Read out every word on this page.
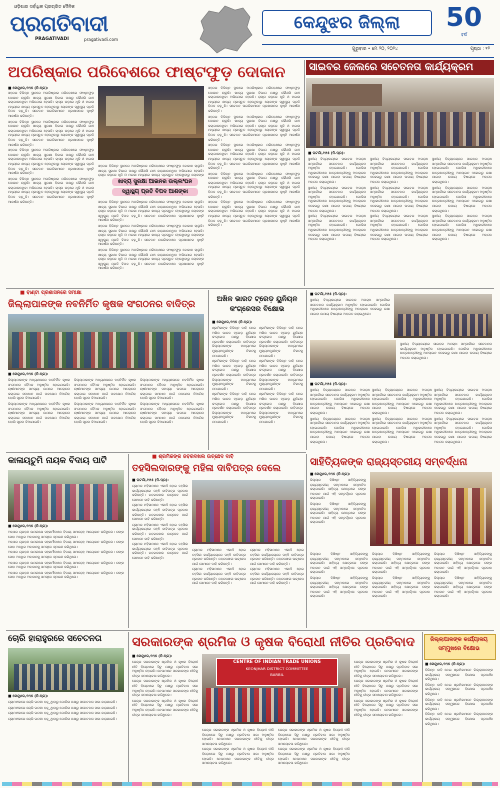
ଓଡ଼ିଶାର ସର୍ବାଧିକ ପ୍ରଚାରିତ ଦୈନିକ
ପ୍ରଗତିବାଦୀ
PRAGATIVADI	pragativadi.com
କେନ୍ଦୁଝର ଜିଲ୍ଲା	50
ବର୍ଷ
ଗୁରୁବାର • ମେ ୨୦, ୨୦୨୪	ପୃଷ୍ଠା : ୧୨
ଅପରିଷ୍କାର ପରିବେଶରେ ଫାଷ୍ଟଫୁଡ଼ ଦୋକାନ
■ କେନ୍ଦୁଝର,୧୯ା୫ (ନି.ପ୍ର):

ସହରର ବିଭିନ୍ନ ସ୍ଥାନରେ ଅପରିଷ୍କାର ପରିବେଶରେ ଫାଷ୍ଟଫୁଡ଼ ଦୋକାନ ଚାଲୁଛି। ଖାଦ୍ୟ ସୁରକ୍ଷା ବିଭାଗ ପକ୍ଷରୁ କୌଣସି ଯାଞ୍ଚ କରାଯାଉନଥିବା ଅଭିଯୋଗ ହେଉଛି। ରାସ୍ତା କଡ଼ରେ ଧୂଳି ଓ ମଇଳା ମଧ୍ୟରେ ଖାଦ୍ୟ ପ୍ରସ୍ତୁତ ହେଉଥିବାରୁ ଲୋକଙ୍କ ସ୍ୱାସ୍ଥ୍ୟ ପ୍ରତି ବିପଦ ବଢ଼ୁଛି। ସଚେତନ ନାଗରିକମାନେ ପ୍ରଶାସନର ଦୃଷ୍ଟି ଆକର୍ଷଣ କରିଛନ୍ତି।

ସହରର ବିଭିନ୍ନ ସ୍ଥାନରେ ଅପରିଷ୍କାର ପରିବେଶରେ ଫାଷ୍ଟଫୁଡ଼ ଦୋକାନ ଚାଲୁଛି। ଖାଦ୍ୟ ସୁରକ୍ଷା ବିଭାଗ ପକ୍ଷରୁ କୌଣସି ଯାଞ୍ଚ କରାଯାଉନଥିବା ଅଭିଯୋଗ ହେଉଛି। ରାସ୍ତା କଡ଼ରେ ଧୂଳି ଓ ମଇଳା ମଧ୍ୟରେ ଖାଦ୍ୟ ପ୍ରସ୍ତୁତ ହେଉଥିବାରୁ ଲୋକଙ୍କ ସ୍ୱାସ୍ଥ୍ୟ ପ୍ରତି ବିପଦ ବଢ଼ୁଛି। ସଚେତନ ନାଗରିକମାନେ ପ୍ରଶାସନର ଦୃଷ୍ଟି ଆକର୍ଷଣ କରିଛନ୍ତି।

ସହରର ବିଭିନ୍ନ ସ୍ଥାନରେ ଅପରିଷ୍କାର ପରିବେଶରେ ଫାଷ୍ଟଫୁଡ଼ ଦୋକାନ ଚାଲୁଛି। ଖାଦ୍ୟ ସୁରକ୍ଷା ବିଭାଗ ପକ୍ଷରୁ କୌଣସି ଯାଞ୍ଚ କରାଯାଉନଥିବା ଅଭିଯୋଗ ହେଉଛି। ରାସ୍ତା କଡ଼ରେ ଧୂଳି ଓ ମଇଳା ମଧ୍ୟରେ ଖାଦ୍ୟ ପ୍ରସ୍ତୁତ ହେଉଥିବାରୁ ଲୋକଙ୍କ ସ୍ୱାସ୍ଥ୍ୟ ପ୍ରତି ବିପଦ ବଢ଼ୁଛି। ସଚେତନ ନାଗରିକମାନେ ପ୍ରଶାସନର ଦୃଷ୍ଟି ଆକର୍ଷଣ କରିଛନ୍ତି।

ସହରର ବିଭିନ୍ନ ସ୍ଥାନରେ ଅପରିଷ୍କାର ପରିବେଶରେ ଫାଷ୍ଟଫୁଡ଼ ଦୋକାନ ଚାଲୁଛି। ଖାଦ୍ୟ ସୁରକ୍ଷା ବିଭାଗ ପକ୍ଷରୁ କୌଣସି ଯାଞ୍ଚ କରାଯାଉନଥିବା ଅଭିଯୋଗ ହେଉଛି। ରାସ୍ତା କଡ଼ରେ ଧୂଳି ଓ ମଇଳା ମଧ୍ୟରେ ଖାଦ୍ୟ ପ୍ରସ୍ତୁତ ହେଉଥିବାରୁ ଲୋକଙ୍କ ସ୍ୱାସ୍ଥ୍ୟ ପ୍ରତି ବିପଦ ବଢ଼ୁଛି। ସଚେତନ ନାଗରିକମାନେ ପ୍ରଶାସନର ଦୃଷ୍ଟି ଆକର୍ଷଣ କରିଛନ୍ତି।

ସହରର ବିଭିନ୍ନ ସ୍ଥାନରେ ଅପରିଷ୍କାର ପରିବେଶରେ ଫାଷ୍ଟଫୁଡ଼ ଦୋକାନ ଚାଲୁଛି। ଖାଦ୍ୟ ସୁରକ୍ଷା ବିଭାଗ ପକ୍ଷରୁ କୌଣସି ଯାଞ୍ଚ କରାଯାଉନଥିବା ଅଭିଯୋଗ ହେଉଛି। ରାସ୍ତା କଡ଼ରେ ଧୂଳି ଓ ମଇଳା ମଧ୍ୟରେ ଖାଦ୍ୟ ପ୍ରସ୍ତୁତ ହେଉଥିବାରୁ ଲୋକଙ୍କ

ଖାଦ୍ୟ ସୁରକ୍ଷା ଆଇନର ଉଲ୍ଲଂଘନ
ସ୍ୱାସ୍ଥ୍ୟ ପ୍ରତି ବିପଦ ଆଶଙ୍କା

ସହରର ବିଭିନ୍ନ ସ୍ଥାନରେ ଅପରିଷ୍କାର ପରିବେଶରେ ଫାଷ୍ଟଫୁଡ଼ ଦୋକାନ ଚାଲୁଛି। ଖାଦ୍ୟ ସୁରକ୍ଷା ବିଭାଗ ପକ୍ଷରୁ କୌଣସି ଯାଞ୍ଚ କରାଯାଉନଥିବା ଅଭିଯୋଗ ହେଉଛି। ରାସ୍ତା କଡ଼ରେ ଧୂଳି ଓ ମଇଳା ମଧ୍ୟରେ ଖାଦ୍ୟ ପ୍ରସ୍ତୁତ ହେଉଥିବାରୁ ଲୋକଙ୍କ ସ୍ୱାସ୍ଥ୍ୟ ପ୍ରତି ବିପଦ ବଢ଼ୁଛି। ସଚେତନ ନାଗରିକମାନେ ପ୍ରଶାସନର ଦୃଷ୍ଟି ଆକର୍ଷଣ କରିଛନ୍ତି।

ସହରର ବିଭିନ୍ନ ସ୍ଥାନରେ ଅପରିଷ୍କାର ପରିବେଶରେ ଫାଷ୍ଟଫୁଡ଼ ଦୋକାନ ଚାଲୁଛି। ଖାଦ୍ୟ ସୁରକ୍ଷା ବିଭାଗ ପକ୍ଷରୁ କୌଣସି ଯାଞ୍ଚ କରାଯାଉନଥିବା ଅଭିଯୋଗ ହେଉଛି। ରାସ୍ତା କଡ଼ରେ ଧୂଳି ଓ ମଇଳା ମଧ୍ୟରେ ଖାଦ୍ୟ ପ୍ରସ୍ତୁତ ହେଉଥିବାରୁ ଲୋକଙ୍କ ସ୍ୱାସ୍ଥ୍ୟ ପ୍ରତି ବିପଦ ବଢ଼ୁଛି। ସଚେତନ ନାଗରିକମାନେ ପ୍ରଶାସନର ଦୃଷ୍ଟି ଆକର୍ଷଣ କରିଛନ୍ତି।

ସହରର ବିଭିନ୍ନ ସ୍ଥାନରେ ଅପରିଷ୍କାର ପରିବେଶରେ ଫାଷ୍ଟଫୁଡ଼ ଦୋକାନ ଚାଲୁଛି। ଖାଦ୍ୟ ସୁରକ୍ଷା ବିଭାଗ ପକ୍ଷରୁ କୌଣସି ଯାଞ୍ଚ କରାଯାଉନଥିବା ଅଭିଯୋଗ ହେଉଛି। ରାସ୍ତା କଡ଼ରେ ଧୂଳି ଓ ମଇଳା ମଧ୍ୟରେ ଖାଦ୍ୟ ପ୍ରସ୍ତୁତ ହେଉଥିବାରୁ ଲୋକଙ୍କ ସ୍ୱାସ୍ଥ୍ୟ ପ୍ରତି ବିପଦ ବଢ଼ୁଛି। ସଚେତନ ନାଗରିକମାନେ ପ୍ରଶାସନର ଦୃଷ୍ଟି ଆକର୍ଷଣ କରିଛନ୍ତି।

ସହରର ବିଭିନ୍ନ ସ୍ଥାନରେ ଅପରିଷ୍କାର ପରିବେଶରେ ଫାଷ୍ଟଫୁଡ଼ ଦୋକାନ ଚାଲୁଛି। ଖାଦ୍ୟ ସୁରକ୍ଷା ବିଭାଗ ପକ୍ଷରୁ କୌଣସି ଯାଞ୍ଚ କରାଯାଉନଥିବା ଅଭିଯୋଗ ହେଉଛି। ରାସ୍ତା କଡ଼ରେ ଧୂଳି ଓ ମଇଳା ମଧ୍ୟରେ ଖାଦ୍ୟ ପ୍ରସ୍ତୁତ ହେଉଥିବାରୁ ଲୋକଙ୍କ ସ୍ୱାସ୍ଥ୍ୟ ପ୍ରତି ବିପଦ ବଢ଼ୁଛି। ସଚେତନ ନାଗରିକମାନେ ପ୍ରଶାସନର ଦୃଷ୍ଟି ଆକର୍ଷଣ କରିଛନ୍ତି।

ସହରର ବିଭିନ୍ନ ସ୍ଥାନରେ ଅପରିଷ୍କାର ପରିବେଶରେ ଫାଷ୍ଟଫୁଡ଼ ଦୋକାନ ଚାଲୁଛି। ଖାଦ୍ୟ ସୁରକ୍ଷା ବିଭାଗ ପକ୍ଷରୁ କୌଣସି ଯାଞ୍ଚ କରାଯାଉନଥିବା ଅଭିଯୋଗ ହେଉଛି। ରାସ୍ତା କଡ଼ରେ ଧୂଳି ଓ ମଇଳା ମଧ୍ୟରେ ଖାଦ୍ୟ ପ୍ରସ୍ତୁତ ହେଉଥିବାରୁ ଲୋକଙ୍କ ସ୍ୱାସ୍ଥ୍ୟ ପ୍ରତି ବିପଦ ବଢ଼ୁଛି। ସଚେତନ ନାଗରିକମାନେ ପ୍ରଶାସନର ଦୃଷ୍ଟି ଆକର୍ଷଣ କରିଛନ୍ତି।

ସହରର ବିଭିନ୍ନ ସ୍ଥାନରେ ଅପରିଷ୍କାର ପରିବେଶରେ ଫାଷ୍ଟଫୁଡ଼ ଦୋକାନ ଚାଲୁଛି। ଖାଦ୍ୟ ସୁରକ୍ଷା ବିଭାଗ ପକ୍ଷରୁ କୌଣସି ଯାଞ୍ଚ କରାଯାଉନଥିବା ଅଭିଯୋଗ ହେଉଛି। ରାସ୍ତା କଡ଼ରେ ଧୂଳି ଓ ମଇଳା ମଧ୍ୟରେ ଖାଦ୍ୟ ପ୍ରସ୍ତୁତ ହେଉଥିବାରୁ ଲୋକଙ୍କ ସ୍ୱାସ୍ଥ୍ୟ ପ୍ରତି ବିପଦ ବଢ଼ୁଛି। ସଚେତନ ନାଗରିକମାନେ ପ୍ରଶାସନର ଦୃଷ୍ଟି ଆକର୍ଷଣ କରିଛନ୍ତି।

ସହରର ବିଭିନ୍ନ ସ୍ଥାନରେ ଅପରିଷ୍କାର ପରିବେଶରେ ଫାଷ୍ଟଫୁଡ଼ ଦୋକାନ ଚାଲୁଛି। ଖାଦ୍ୟ ସୁରକ୍ଷା ବିଭାଗ ପକ୍ଷରୁ କୌଣସି ଯାଞ୍ଚ କରାଯାଉନଥିବା ଅଭିଯୋଗ ହେଉଛି। ରାସ୍ତା କଡ଼ରେ ଧୂଳି ଓ ମଇଳା ମଧ୍ୟରେ ଖାଦ୍ୟ ପ୍ରସ୍ତୁତ ହେଉଥିବାରୁ ଲୋକଙ୍କ ସ୍ୱାସ୍ଥ୍ୟ ପ୍ରତି ବିପଦ ବଢ଼ୁଛି। ସଚେତନ ନାଗରିକମାନେ ପ୍ରଶାସନର ଦୃଷ୍ଟି ଆକର୍ଷଣ କରିଛନ୍ତି।

ସହରର ବିଭିନ୍ନ ସ୍ଥାନରେ ଅପରିଷ୍କାର ପରିବେଶରେ ଫାଷ୍ଟଫୁଡ଼ ଦୋକାନ ଚାଲୁଛି। ଖାଦ୍ୟ ସୁରକ୍ଷା ବିଭାଗ ପକ୍ଷରୁ କୌଣସି ଯାଞ୍ଚ କରାଯାଉନଥିବା ଅଭିଯୋଗ ହେଉଛି। ରାସ୍ତା କଡ଼ରେ ଧୂଳି ଓ ମଇଳା ମଧ୍ୟରେ ଖାଦ୍ୟ ପ୍ରସ୍ତୁତ ହେଉଥିବାରୁ ଲୋକଙ୍କ ସ୍ୱାସ୍ଥ୍ୟ ପ୍ରତି ବିପଦ ବଢ଼ୁଛି। ସଚେତନ ନାଗରିକମାନେ ପ୍ରଶାସନର ଦୃଷ୍ଟି ଆକର୍ଷଣ କରିଛନ୍ତି।

ସାଇବର ଜେଲରେ ସଚେତନତା କାର୍ଯ୍ୟକ୍ରମ
■ ଘଟଗାଁ,୧୯ା୫ (ନି.ପ୍ର):

ସ୍ଥାନୀୟ ବିଦ୍ୟାଳୟରେ ସାଇବର ଅପରାଧ ସମ୍ପର୍କରେ ସଚେତନତା କାର୍ଯ୍ୟକ୍ରମ ଅନୁଷ୍ଠିତ ହୋଇଯାଇଛି। ପୋଲିସ ଅଧିକାରୀମାନେ ଛାତ୍ରଛାତ୍ରୀଙ୍କୁ ଅନଲାଇନ ଠକେଇରୁ ରକ୍ଷା ପାଇବା ଉପାୟ ବିଷୟରେ ଅବଗତ କରାଇଥିଲେ।

ସ୍ଥାନୀୟ ବିଦ୍ୟାଳୟରେ ସାଇବର ଅପରାଧ ସମ୍ପର୍କରେ ସଚେତନତା କାର୍ଯ୍ୟକ୍ରମ ଅନୁଷ୍ଠିତ ହୋଇଯାଇଛି। ପୋଲିସ ଅଧିକାରୀମାନେ ଛାତ୍ରଛାତ୍ରୀଙ୍କୁ ଅନଲାଇନ ଠକେଇରୁ ରକ୍ଷା ପାଇବା ଉପାୟ ବିଷୟରେ ଅବଗତ କରାଇଥିଲେ।

ସ୍ଥାନୀୟ ବିଦ୍ୟାଳୟରେ ସାଇବର ଅପରାଧ ସମ୍ପର୍କରେ ସଚେତନତା କାର୍ଯ୍ୟକ୍ରମ ଅନୁଷ୍ଠିତ ହୋଇଯାଇଛି। ପୋଲିସ ଅଧିକାରୀମାନେ ଛାତ୍ରଛାତ୍ରୀଙ୍କୁ ଅନଲାଇନ ଠକେଇରୁ ରକ୍ଷା ପାଇବା ଉପାୟ ବିଷୟରେ ଅବଗତ କରାଇଥିଲେ।

ସ୍ଥାନୀୟ ବିଦ୍ୟାଳୟରେ ସାଇବର ଅପରାଧ ସମ୍ପର୍କରେ ସଚେତନତା କାର୍ଯ୍ୟକ୍ରମ ଅନୁଷ୍ଠିତ ହୋଇଯାଇଛି। ପୋଲିସ ଅଧିକାରୀମାନେ ଛାତ୍ରଛାତ୍ରୀଙ୍କୁ ଅନଲାଇନ ଠକେଇରୁ ରକ୍ଷା ପାଇବା ଉପାୟ ବିଷୟରେ ଅବଗତ କରାଇଥିଲେ।

ସ୍ଥାନୀୟ ବିଦ୍ୟାଳୟରେ ସାଇବର ଅପରାଧ ସମ୍ପର୍କରେ ସଚେତନତା କାର୍ଯ୍ୟକ୍ରମ ଅନୁଷ୍ଠିତ ହୋଇଯାଇଛି। ପୋଲିସ ଅଧିକାରୀମାନେ ଛାତ୍ରଛାତ୍ରୀଙ୍କୁ ଅନଲାଇନ ଠକେଇରୁ ରକ୍ଷା ପାଇବା ଉପାୟ ବିଷୟରେ ଅବଗତ କରାଇଥିଲେ।

ସ୍ଥାନୀୟ ବିଦ୍ୟାଳୟରେ ସାଇବର ଅପରାଧ ସମ୍ପର୍କରେ ସଚେତନତା କାର୍ଯ୍ୟକ୍ରମ ଅନୁଷ୍ଠିତ ହୋଇଯାଇଛି। ପୋଲିସ ଅଧିକାରୀମାନେ ଛାତ୍ରଛାତ୍ରୀଙ୍କୁ ଅନଲାଇନ ଠକେଇରୁ ରକ୍ଷା ପାଇବା ଉପାୟ ବିଷୟରେ ଅବଗତ କରାଇଥିଲେ।

ସ୍ଥାନୀୟ ବିଦ୍ୟାଳୟରେ ସାଇବର ଅପରାଧ ସମ୍ପର୍କରେ ସଚେତନତା କାର୍ଯ୍ୟକ୍ରମ ଅନୁଷ୍ଠିତ ହୋଇଯାଇଛି। ପୋଲିସ ଅଧିକାରୀମାନେ ଛାତ୍ରଛାତ୍ରୀଙ୍କୁ ଅନଲାଇନ ଠକେଇରୁ ରକ୍ଷା ପାଇବା ଉପାୟ ବିଷୟରେ ଅବଗତ କରାଇଥିଲେ।

ସ୍ଥାନୀୟ ବିଦ୍ୟାଳୟରେ ସାଇବର ଅପରାଧ ସମ୍ପର୍କରେ ସଚେତନତା କାର୍ଯ୍ୟକ୍ରମ ଅନୁଷ୍ଠିତ ହୋଇଯାଇଛି। ପୋଲିସ ଅଧିକାରୀମାନେ ଛାତ୍ରଛାତ୍ରୀଙ୍କୁ ଅନଲାଇନ ଠକେଇରୁ ରକ୍ଷା ପାଇବା ଉପାୟ ବିଷୟରେ ଅବଗତ କରାଇଥିଲେ।

ସ୍ଥାନୀୟ ବିଦ୍ୟାଳୟରେ ସାଇବର ଅପରାଧ ସମ୍ପର୍କରେ ସଚେତନତା କାର୍ଯ୍ୟକ୍ରମ ଅନୁଷ୍ଠିତ ହୋଇଯାଇଛି। ପୋଲିସ ଅଧିକାରୀମାନେ ଛାତ୍ରଛାତ୍ରୀଙ୍କୁ ଅନଲାଇନ ଠକେଇରୁ ରକ୍ଷା ପାଇବା ଉପାୟ ବିଷୟରେ ଅବଗତ କରାଇଥିଲେ।

■ ବାଣ୍ଟା ପ୍ରଶାସନରେ ସମୀକ୍ଷା
ଜିଲ୍ଲାପାଳଙ୍କ ନବନିର୍ମିତ କୃଷକ ସଂଗଠନର ବାଦିତ୍ର
■ କେନ୍ଦୁଝର,୧୯ା୫ (ନି.ପ୍ର):

ଜିଲ୍ଲାପାଳଙ୍କ ଅଧ୍ୟକ୍ଷତାରେ ନବନିର୍ମିତ କୃଷକ ସଂଗଠନର ବୈଠକ ଅନୁଷ୍ଠିତ ହୋଇଯାଇଛି। ଚାଷୀମାନଙ୍କ ସମସ୍ୟା ଉପରେ ଆଲୋଚନା କରାଯାଇ ସମାଧାନ ପାଇଁ ପଦକ୍ଷେପ ନିଆଯିବ ବୋଲି ସୂଚନା ଦିଆଯାଇଛି।

ଜିଲ୍ଲାପାଳଙ୍କ ଅଧ୍ୟକ୍ଷତାରେ ନବନିର୍ମିତ କୃଷକ ସଂଗଠନର ବୈଠକ ଅନୁଷ୍ଠିତ ହୋଇଯାଇଛି। ଚାଷୀମାନଙ୍କ ସମସ୍ୟା ଉପରେ ଆଲୋଚନା କରାଯାଇ ସମାଧାନ ପାଇଁ ପଦକ୍ଷେପ ନିଆଯିବ ବୋଲି ସୂଚନା ଦିଆଯାଇଛି।

ଜିଲ୍ଲାପାଳଙ୍କ ଅଧ୍ୟକ୍ଷତାରେ ନବନିର୍ମିତ କୃଷକ ସଂଗଠନର ବୈଠକ ଅନୁଷ୍ଠିତ ହୋଇଯାଇଛି। ଚାଷୀମାନଙ୍କ ସମସ୍ୟା ଉପରେ ଆଲୋଚନା କରାଯାଇ ସମାଧାନ ପାଇଁ ପଦକ୍ଷେପ ନିଆଯିବ ବୋଲି ସୂଚନା ଦିଆଯାଇଛି।

ଜିଲ୍ଲାପାଳଙ୍କ ଅଧ୍ୟକ୍ଷତାରେ ନବନିର୍ମିତ କୃଷକ ସଂଗଠନର ବୈଠକ ଅନୁଷ୍ଠିତ ହୋଇଯାଇଛି। ଚାଷୀମାନଙ୍କ ସମସ୍ୟା ଉପରେ ଆଲୋଚନା କରାଯାଇ ସମାଧାନ ପାଇଁ ପଦକ୍ଷେପ ନିଆଯିବ ବୋଲି ସୂଚନା ଦିଆଯାଇଛି।

ଜିଲ୍ଲାପାଳଙ୍କ ଅଧ୍ୟକ୍ଷତାରେ ନବନିର୍ମିତ କୃଷକ ସଂଗଠନର ବୈଠକ ଅନୁଷ୍ଠିତ ହୋଇଯାଇଛି। ଚାଷୀମାନଙ୍କ ସମସ୍ୟା ଉପରେ ଆଲୋଚନା କରାଯାଇ ସମାଧାନ ପାଇଁ ପଦକ୍ଷେପ ନିଆଯିବ ବୋଲି ସୂଚନା ଦିଆଯାଇଛି।

ଜିଲ୍ଲାପାଳଙ୍କ ଅଧ୍ୟକ୍ଷତାରେ ନବନିର୍ମିତ କୃଷକ ସଂଗଠନର ବୈଠକ ଅନୁଷ୍ଠିତ ହୋଇଯାଇଛି। ଚାଷୀମାନଙ୍କ ସମସ୍ୟା ଉପରେ ଆଲୋଚନା କରାଯାଇ ସମାଧାନ ପାଇଁ ପଦକ୍ଷେପ ନିଆଯିବ ବୋଲି ସୂଚନା ଦିଆଯାଇଛି।

ଅଖିଳ ଭାରତ ଟ୍ରେଡ଼ ୟୁନିୟନ କଂଗ୍ରେସର ବିକ୍ଷୋଭ
■ କେନ୍ଦୁଝର,୧୯ା୫ (ନି.ପ୍ର):

ଶ୍ରମିକଙ୍କ ବିଭିନ୍ନ ଦାବି ନେଇ ଅଖିଳ ଭାରତ ଟ୍ରେଡ଼ ୟୁନିୟନ କଂଗ୍ରେସ ପକ୍ଷରୁ ବିକ୍ଷୋଭ ପ୍ରଦର୍ଶନ କରାଯାଇଛି। ଦାବିପତ୍ର ଜିଲ୍ଲାପାଳଙ୍କ ମାଧ୍ୟମରେ ମୁଖ୍ୟମନ୍ତ୍ରୀଙ୍କ ନିକଟକୁ ପଠାଯାଇଛି।

ଶ୍ରମିକଙ୍କ ବିଭିନ୍ନ ଦାବି ନେଇ ଅଖିଳ ଭାରତ ଟ୍ରେଡ଼ ୟୁନିୟନ କଂଗ୍ରେସ ପକ୍ଷରୁ ବିକ୍ଷୋଭ ପ୍ରଦର୍ଶନ କରାଯାଇଛି। ଦାବିପତ୍ର ଜିଲ୍ଲାପାଳଙ୍କ ମାଧ୍ୟମରେ ମୁଖ୍ୟମନ୍ତ୍ରୀଙ୍କ ନିକଟକୁ ପଠାଯାଇଛି।

ଶ୍ରମିକଙ୍କ ବିଭିନ୍ନ ଦାବି ନେଇ ଅଖିଳ ଭାରତ ଟ୍ରେଡ଼ ୟୁନିୟନ କଂଗ୍ରେସ ପକ୍ଷରୁ ବିକ୍ଷୋଭ ପ୍ରଦର୍ଶନ କରାଯାଇଛି। ଦାବିପତ୍ର ଜିଲ୍ଲାପାଳଙ୍କ ମାଧ୍ୟମରେ ମୁଖ୍ୟମନ୍ତ୍ରୀଙ୍କ ନିକଟକୁ ପଠାଯାଇଛି।

ଶ୍ରମିକଙ୍କ ବିଭିନ୍ନ ଦାବି ନେଇ ଅଖିଳ ଭାରତ ଟ୍ରେଡ଼ ୟୁନିୟନ କଂଗ୍ରେସ ପକ୍ଷରୁ ବିକ୍ଷୋଭ ପ୍ରଦର୍ଶନ କରାଯାଇଛି। ଦାବିପତ୍ର ଜିଲ୍ଲାପାଳଙ୍କ ମାଧ୍ୟମରେ ମୁଖ୍ୟମନ୍ତ୍ରୀଙ୍କ ନିକଟକୁ ପଠାଯାଇଛି।

ଶ୍ରମିକଙ୍କ ବିଭିନ୍ନ ଦାବି ନେଇ ଅଖିଳ ଭାରତ ଟ୍ରେଡ଼ ୟୁନିୟନ କଂଗ୍ରେସ ପକ୍ଷରୁ ବିକ୍ଷୋଭ ପ୍ରଦର୍ଶନ କରାଯାଇଛି। ଦାବିପତ୍ର ଜିଲ୍ଲାପାଳଙ୍କ ମାଧ୍ୟମରେ ମୁଖ୍ୟମନ୍ତ୍ରୀଙ୍କ ନିକଟକୁ ପଠାଯାଇଛି।

ଶ୍ରମିକଙ୍କ ବିଭିନ୍ନ ଦାବି ନେଇ ଅଖିଳ ଭାରତ ଟ୍ରେଡ଼ ୟୁନିୟନ କଂଗ୍ରେସ ପକ୍ଷରୁ ବିକ୍ଷୋଭ ପ୍ରଦର୍ଶନ କରାଯାଇଛି। ଦାବିପତ୍ର ଜିଲ୍ଲାପାଳଙ୍କ ମାଧ୍ୟମରେ ମୁଖ୍ୟମନ୍ତ୍ରୀଙ୍କ ନିକଟକୁ ପଠାଯାଇଛି।

■ ଘଟଗାଁ,୧୯ା୫ (ନି.ପ୍ର):

ସ୍ଥାନୀୟ ବିଦ୍ୟାଳୟରେ ସାଇବର ଅପରାଧ ସମ୍ପର୍କରେ ସଚେତନତା କାର୍ଯ୍ୟକ୍ରମ ଅନୁଷ୍ଠିତ ହୋଇଯାଇଛି। ପୋଲିସ ଅଧିକାରୀମାନେ ଛାତ୍ରଛାତ୍ରୀଙ୍କୁ ଅନଲାଇନ ଠକେଇରୁ ରକ୍ଷା ପାଇବା ଉପାୟ ବିଷୟରେ ଅବଗତ କରାଇଥିଲେ।

ସ୍ଥାନୀୟ ବିଦ୍ୟାଳୟରେ ସାଇବର ଅପରାଧ ସମ୍ପର୍କରେ ସଚେତନତା କାର୍ଯ୍ୟକ୍ରମ ଅନୁଷ୍ଠିତ ହୋଇଯାଇଛି। ପୋଲିସ ଅଧିକାରୀମାନେ ଛାତ୍ରଛାତ୍ରୀଙ୍କୁ ଅନଲାଇନ ଠକେଇରୁ ରକ୍ଷା ପାଇବା ଉପାୟ ବିଷୟରେ ଅବଗତ କରାଇଥିଲେ।

■ ଘଟଗାଁ,୧୯ା୫ (ନି.ପ୍ର):

ସ୍ଥାନୀୟ ବିଦ୍ୟାଳୟରେ ସାଇବର ଅପରାଧ ସମ୍ପର୍କରେ ସଚେତନତା କାର୍ଯ୍ୟକ୍ରମ ଅନୁଷ୍ଠିତ ହୋଇଯାଇଛି। ପୋଲିସ ଅଧିକାରୀମାନେ ଛାତ୍ରଛାତ୍ରୀଙ୍କୁ ଅନଲାଇନ ଠକେଇରୁ ରକ୍ଷା ପାଇବା ଉପାୟ ବିଷୟରେ ଅବଗତ କରାଇଥିଲେ।

ସ୍ଥାନୀୟ ବିଦ୍ୟାଳୟରେ ସାଇବର ଅପରାଧ ସମ୍ପର୍କରେ ସଚେତନତା କାର୍ଯ୍ୟକ୍ରମ ଅନୁଷ୍ଠିତ ହୋଇଯାଇଛି। ପୋଲିସ ଅଧିକାରୀମାନେ ଛାତ୍ରଛାତ୍ରୀଙ୍କୁ ଅନଲାଇନ ଠକେଇରୁ ରକ୍ଷା ପାଇବା ଉପାୟ ବିଷୟରେ ଅବଗତ କରାଇଥିଲେ।

ସ୍ଥାନୀୟ ବିଦ୍ୟାଳୟରେ ସାଇବର ଅପରାଧ ସମ୍ପର୍କରେ ସଚେତନତା କାର୍ଯ୍ୟକ୍ରମ ଅନୁଷ୍ଠିତ ହୋଇଯାଇଛି। ପୋଲିସ ଅଧିକାରୀମାନେ ଛାତ୍ରଛାତ୍ରୀଙ୍କୁ ଅନଲାଇନ ଠକେଇରୁ ରକ୍ଷା ପାଇବା ଉପାୟ ବିଷୟରେ ଅବଗତ କରାଇଥିଲେ।

ସ୍ଥାନୀୟ ବିଦ୍ୟାଳୟରେ ସାଇବର ଅପରାଧ ସମ୍ପର୍କରେ ସଚେତନତା କାର୍ଯ୍ୟକ୍ରମ ଅନୁଷ୍ଠିତ ହୋଇଯାଇଛି। ପୋଲିସ ଅଧିକାରୀମାନେ ଛାତ୍ରଛାତ୍ରୀଙ୍କୁ ଅନଲାଇନ ଠକେଇରୁ ରକ୍ଷା ପାଇବା ଉପାୟ ବିଷୟରେ ଅବଗତ କରାଇଥିଲେ।

ସ୍ଥାନୀୟ ବିଦ୍ୟାଳୟରେ ସାଇବର ଅପରାଧ ସମ୍ପର୍କରେ ସଚେତନତା କାର୍ଯ୍ୟକ୍ରମ ଅନୁଷ୍ଠିତ ହୋଇଯାଇଛି। ପୋଲିସ ଅଧିକାରୀମାନେ ଛାତ୍ରଛାତ୍ରୀଙ୍କୁ ଅନଲାଇନ ଠକେଇରୁ ରକ୍ଷା ପାଇବା ଉପାୟ ବିଷୟରେ ଅବଗତ କରାଇଥିଲେ।

ସ୍ଥାନୀୟ ବିଦ୍ୟାଳୟରେ ସାଇବର ଅପରାଧ ସମ୍ପର୍କରେ ସଚେତନତା କାର୍ଯ୍ୟକ୍ରମ ଅନୁଷ୍ଠିତ ହୋଇଯାଇଛି। ପୋଲିସ ଅଧିକାରୀମାନେ ଛାତ୍ରଛାତ୍ରୀଙ୍କୁ ଅନଲାଇନ ଠକେଇରୁ ରକ୍ଷା ପାଇବା ଉପାୟ ବିଷୟରେ ଅବଗତ କରାଇଥିଲେ।

କାଳାୟତୁମି ନାୟକ ବିଦାୟ ପାର୍ଟି
■ କେନ୍ଦୁଝର,୧୯ା୫ (ନି.ପ୍ର):

ଅବସର ଗ୍ରହଣ ଉପଲକ୍ଷେ ସହକର୍ମୀମାନେ ବିଦାୟ ସମାରୋହ ଆୟୋଜନ କରିଥିଲେ। ତାଙ୍କ ସେବା ଅବଧିର ଅବଦାନକୁ ସମସ୍ତେ ସ୍ମରଣ କରିଥିଲେ।

ଅବସର ଗ୍ରହଣ ଉପଲକ୍ଷେ ସହକର୍ମୀମାନେ ବିଦାୟ ସମାରୋହ ଆୟୋଜନ କରିଥିଲେ। ତାଙ୍କ ସେବା ଅବଧିର ଅବଦାନକୁ ସମସ୍ତେ ସ୍ମରଣ କରିଥିଲେ।

ଅବସର ଗ୍ରହଣ ଉପଲକ୍ଷେ ସହକର୍ମୀମାନେ ବିଦାୟ ସମାରୋହ ଆୟୋଜନ କରିଥିଲେ। ତାଙ୍କ ସେବା ଅବଧିର ଅବଦାନକୁ ସମସ୍ତେ ସ୍ମରଣ କରିଥିଲେ।

ଅବସର ଗ୍ରହଣ ଉପଲକ୍ଷେ ସହକର୍ମୀମାନେ ବିଦାୟ ସମାରୋହ ଆୟୋଜନ କରିଥିଲେ। ତାଙ୍କ ସେବା ଅବଧିର ଅବଦାନକୁ ସମସ୍ତେ ସ୍ମରଣ କରିଥିଲେ।

ଅବସର ଗ୍ରହଣ ଉପଲକ୍ଷେ ସହକର୍ମୀମାନେ ବିଦାୟ ସମାରୋହ ଆୟୋଜନ କରିଥିଲେ। ତାଙ୍କ ସେବା ଅବଧିର ଅବଦାନକୁ ସମସ୍ତେ ସ୍ମରଣ କରିଥିଲେ।

■ ଶ୍ରମିକଙ୍କ ଜବରଦଖଲ ଉଚ୍ଛେଦ ଦାବି
ତହସିଲଦାରଙ୍କୁ ମହିଳା ଦାବିପତ୍ର ଦେଲେ
■ ଘଟଗାଁ,୧୯ା୫ (ନି.ପ୍ର):

ଗ୍ରାମର ମହିଳାମାନେ ଏକାଠି ହୋଇ ତହସିଲ କାର୍ଯ୍ୟାଳୟରେ ପହଞ୍ଚି ଦାବିପତ୍ର ପ୍ରଦାନ କରିଛନ୍ତି। ଜବରଦଖଲ ଉଚ୍ଛେଦ ପାଇଁ ସେମାନେ ଦାବି କରିଛନ୍ତି।

ଗ୍ରାମର ମହିଳାମାନେ ଏକାଠି ହୋଇ ତହସିଲ କାର୍ଯ୍ୟାଳୟରେ ପହଞ୍ଚି ଦାବିପତ୍ର ପ୍ରଦାନ କରିଛନ୍ତି। ଜବରଦଖଲ ଉଚ୍ଛେଦ ପାଇଁ ସେମାନେ ଦାବି କରିଛନ୍ତି।

ଗ୍ରାମର ମହିଳାମାନେ ଏକାଠି ହୋଇ ତହସିଲ କାର୍ଯ୍ୟାଳୟରେ ପହଞ୍ଚି ଦାବିପତ୍ର ପ୍ରଦାନ କରିଛନ୍ତି। ଜବରଦଖଲ ଉଚ୍ଛେଦ ପାଇଁ ସେମାନେ ଦାବି କରିଛନ୍ତି।

ଗ୍ରାମର ମହିଳାମାନେ ଏକାଠି ହୋଇ ତହସିଲ କାର୍ଯ୍ୟାଳୟରେ ପହଞ୍ଚି ଦାବିପତ୍ର ପ୍ରଦାନ କରିଛନ୍ତି। ଜବରଦଖଲ ଉଚ୍ଛେଦ ପାଇଁ ସେମାନେ ଦାବି କରିଛନ୍ତି।

ଗ୍ରାମର ମହିଳାମାନେ ଏକାଠି ହୋଇ ତହସିଲ କାର୍ଯ୍ୟାଳୟରେ ପହଞ୍ଚି ଦାବିପତ୍ର ପ୍ରଦାନ କରିଛନ୍ତି। ଜବରଦଖଲ ଉଚ୍ଛେଦ ପାଇଁ ସେମାନେ ଦାବି କରିଛନ୍ତି।

ଗ୍ରାମର ମହିଳାମାନେ ଏକାଠି ହୋଇ ତହସିଲ କାର୍ଯ୍ୟାଳୟରେ ପହଞ୍ଚି ଦାବିପତ୍ର ପ୍ରଦାନ କରିଛନ୍ତି। ଜବରଦଖଲ ଉଚ୍ଛେଦ ପାଇଁ ସେମାନେ ଦାବି କରିଛନ୍ତି।

ଗ୍ରାମର ମହିଳାମାନେ ଏକାଠି ହୋଇ ତହସିଲ କାର୍ଯ୍ୟାଳୟରେ ପହଞ୍ଚି ଦାବିପତ୍ର ପ୍ରଦାନ କରିଛନ୍ତି। ଜବରଦଖଲ ଉଚ୍ଛେଦ ପାଇଁ ସେମାନେ ଦାବି କରିଛନ୍ତି।

ଗ୍ରାମର ମହିଳାମାନେ ଏକାଠି ହୋଇ ତହସିଲ କାର୍ଯ୍ୟାଳୟରେ ପହଞ୍ଚି ଦାବିପତ୍ର ପ୍ରଦାନ କରିଛନ୍ତି। ଜବରଦଖଲ ଉଚ୍ଛେଦ ପାଇଁ ସେମାନେ ଦାବି କରିଛନ୍ତି।

ସାହିତ୍ୟିକଙ୍କ ରାଜ୍ୟସ୍ତରୀୟ ସମ୍ବର୍ଦ୍ଧନା
■ କେନ୍ଦୁଝର,୧୯ା୫ (ନି.ପ୍ର):

ଜିଲ୍ଲାର ବିଶିଷ୍ଟ ସାହିତ୍ୟିକଙ୍କୁ ରାଜ୍ୟସ୍ତରୀୟ ସମ୍ମାନରେ ସମ୍ମାନିତ କରାଯାଇଛି। ସାହିତ୍ୟ କ୍ଷେତ୍ରରେ ତାଙ୍କ ଅବଦାନ ପାଇଁ ଏହି ସମ୍ବର୍ଦ୍ଧନା ପ୍ରଦାନ କରାଯାଇଛି।

ଜିଲ୍ଲାର ବିଶିଷ୍ଟ ସାହିତ୍ୟିକଙ୍କୁ ରାଜ୍ୟସ୍ତରୀୟ ସମ୍ମାନରେ ସମ୍ମାନିତ କରାଯାଇଛି। ସାହିତ୍ୟ କ୍ଷେତ୍ରରେ ତାଙ୍କ ଅବଦାନ ପାଇଁ ଏହି ସମ୍ବର୍ଦ୍ଧନା ପ୍ରଦାନ କରାଯାଇଛି।

ଜିଲ୍ଲାର ବିଶିଷ୍ଟ ସାହିତ୍ୟିକଙ୍କୁ ରାଜ୍ୟସ୍ତରୀୟ ସମ୍ମାନରେ ସମ୍ମାନିତ କରାଯାଇଛି। ସାହିତ୍ୟ କ୍ଷେତ୍ରରେ ତାଙ୍କ ଅବଦାନ ପାଇଁ ଏହି ସମ୍ବର୍ଦ୍ଧନା ପ୍ରଦାନ କରାଯାଇଛି।

ଜିଲ୍ଲାର ବିଶିଷ୍ଟ ସାହିତ୍ୟିକଙ୍କୁ ରାଜ୍ୟସ୍ତରୀୟ ସମ୍ମାନରେ ସମ୍ମାନିତ କରାଯାଇଛି। ସାହିତ୍ୟ କ୍ଷେତ୍ରରେ ତାଙ୍କ ଅବଦାନ ପାଇଁ ଏହି ସମ୍ବର୍ଦ୍ଧନା ପ୍ରଦାନ କରାଯାଇଛି।

ଜିଲ୍ଲାର ବିଶିଷ୍ଟ ସାହିତ୍ୟିକଙ୍କୁ ରାଜ୍ୟସ୍ତରୀୟ ସମ୍ମାନରେ ସମ୍ମାନିତ କରାଯାଇଛି। ସାହିତ୍ୟ କ୍ଷେତ୍ରରେ ତାଙ୍କ ଅବଦାନ ପାଇଁ ଏହି ସମ୍ବର୍ଦ୍ଧନା ପ୍ରଦାନ କରାଯାଇଛି।

ଜିଲ୍ଲାର ବିଶିଷ୍ଟ ସାହିତ୍ୟିକଙ୍କୁ ରାଜ୍ୟସ୍ତରୀୟ ସମ୍ମାନରେ ସମ୍ମାନିତ କରାଯାଇଛି। ସାହିତ୍ୟ କ୍ଷେତ୍ରରେ ତାଙ୍କ ଅବଦାନ ପାଇଁ ଏହି ସମ୍ବର୍ଦ୍ଧନା ପ୍ରଦାନ କରାଯାଇଛି।

ଜିଲ୍ଲାର ବିଶିଷ୍ଟ ସାହିତ୍ୟିକଙ୍କୁ ରାଜ୍ୟସ୍ତରୀୟ ସମ୍ମାନରେ ସମ୍ମାନିତ କରାଯାଇଛି। ସାହିତ୍ୟ କ୍ଷେତ୍ରରେ ତାଙ୍କ ଅବଦାନ ପାଇଁ ଏହି ସମ୍ବର୍ଦ୍ଧନା ପ୍ରଦାନ କରାଯାଇଛି।

ଜିଲ୍ଲାର ବିଶିଷ୍ଟ ସାହିତ୍ୟିକଙ୍କୁ ରାଜ୍ୟସ୍ତରୀୟ ସମ୍ମାନରେ ସମ୍ମାନିତ କରାଯାଇଛି। ସାହିତ୍ୟ କ୍ଷେତ୍ରରେ ତାଙ୍କ ଅବଦାନ ପାଇଁ ଏହି ସମ୍ବର୍ଦ୍ଧନା ପ୍ରଦାନ କରାଯାଇଛି।

ଚୋରି ହାରାହୁରରେ ସଚେତନତା
■ କେନ୍ଦୁଝର,୧୯ା୫ (ନି.ପ୍ର):

ଗ୍ରାମାଞ୍ଚଳରେ ଚୋରି ଘଟଣା ବଢ଼ୁଥିବାରୁ ପୋଲିସ ପକ୍ଷରୁ ସଚେତନତା ସଭା କରାଯାଇଛି।

ଗ୍ରାମାଞ୍ଚଳରେ ଚୋରି ଘଟଣା ବଢ଼ୁଥିବାରୁ ପୋଲିସ ପକ୍ଷରୁ ସଚେତନତା ସଭା କରାଯାଇଛି।

ଗ୍ରାମାଞ୍ଚଳରେ ଚୋରି ଘଟଣା ବଢ଼ୁଥିବାରୁ ପୋଲିସ ପକ୍ଷରୁ ସଚେତନତା ସଭା କରାଯାଇଛି।

ଗ୍ରାମାଞ୍ଚଳରେ ଚୋରି ଘଟଣା ବଢ଼ୁଥିବାରୁ ପୋଲିସ ପକ୍ଷରୁ ସଚେତନତା ସଭା କରାଯାଇଛି।

ସରକାରଙ୍କ ଶ୍ରମିକ ଓ କୃଷକ ବିରୋଧୀ ନୀତିର ପ୍ରତିବାଦ
■ କେନ୍ଦୁଝର,୧୯ା୫ (ନି.ପ୍ର):

କେନ୍ଦ୍ର ସରକାରଙ୍କ ଶ୍ରମିକ ଓ କୃଷକ ବିରୋଧୀ ନୀତି ବିରୋଧରେ ସିଟୁ ପକ୍ଷରୁ ପ୍ରତିବାଦ ସଭା ଅନୁଷ୍ଠିତ ହୋଇଛି। ନେତାମାନେ ସରକାରଙ୍କ ନୀତିକୁ ତୀବ୍ର ସମାଲୋଚନା କରିଥିଲେ।

କେନ୍ଦ୍ର ସରକାରଙ୍କ ଶ୍ରମିକ ଓ କୃଷକ ବିରୋଧୀ ନୀତି ବିରୋଧରେ ସିଟୁ ପକ୍ଷରୁ ପ୍ରତିବାଦ ସଭା ଅନୁଷ୍ଠିତ ହୋଇଛି। ନେତାମାନେ ସରକାରଙ୍କ ନୀତିକୁ ତୀବ୍ର ସମାଲୋଚନା କରିଥିଲେ।

କେନ୍ଦ୍ର ସରକାରଙ୍କ ଶ୍ରମିକ ଓ କୃଷକ ବିରୋଧୀ ନୀତି ବିରୋଧରେ ସିଟୁ ପକ୍ଷରୁ ପ୍ରତିବାଦ ସଭା ଅନୁଷ୍ଠିତ ହୋଇଛି। ନେତାମାନେ ସରକାରଙ୍କ ନୀତିକୁ ତୀବ୍ର ସମାଲୋଚନା କରିଥିଲେ।

CENTRE OF INDIAN TRADE UNIONS
KEONJHAR DISTRICT COMMITTEE
BARBIL

କେନ୍ଦ୍ର ସରକାରଙ୍କ ଶ୍ରମିକ ଓ କୃଷକ ବିରୋଧୀ ନୀତି ବିରୋଧରେ ସିଟୁ ପକ୍ଷରୁ ପ୍ରତିବାଦ ସଭା ଅନୁଷ୍ଠିତ ହୋଇଛି। ନେତାମାନେ ସରକାରଙ୍କ ନୀତିକୁ ତୀବ୍ର ସମାଲୋଚନା କରିଥିଲେ।

କେନ୍ଦ୍ର ସରକାରଙ୍କ ଶ୍ରମିକ ଓ କୃଷକ ବିରୋଧୀ ନୀତି ବିରୋଧରେ ସିଟୁ ପକ୍ଷରୁ ପ୍ରତିବାଦ ସଭା ଅନୁଷ୍ଠିତ ହୋଇଛି। ନେତାମାନେ ସରକାରଙ୍କ ନୀତିକୁ ତୀବ୍ର ସମାଲୋଚନା କରିଥିଲେ।

କେନ୍ଦ୍ର ସରକାରଙ୍କ ଶ୍ରମିକ ଓ କୃଷକ ବିରୋଧୀ ନୀତି ବିରୋଧରେ ସିଟୁ ପକ୍ଷରୁ ପ୍ରତିବାଦ ସଭା ଅନୁଷ୍ଠିତ ହୋଇଛି। ନେତାମାନେ ସରକାରଙ୍କ ନୀତିକୁ ତୀବ୍ର ସମାଲୋଚନା କରିଥିଲେ।

କେନ୍ଦ୍ର ସରକାରଙ୍କ ଶ୍ରମିକ ଓ କୃଷକ ବିରୋଧୀ ନୀତି ବିରୋଧରେ ସିଟୁ ପକ୍ଷରୁ ପ୍ରତିବାଦ ସଭା ଅନୁଷ୍ଠିତ ହୋଇଛି। ନେତାମାନେ ସରକାରଙ୍କ ନୀତିକୁ ତୀବ୍ର ସମାଲୋଚନା କରିଥିଲେ।

କେନ୍ଦ୍ର ସରକାରଙ୍କ ଶ୍ରମିକ ଓ କୃଷକ ବିରୋଧୀ ନୀତି ବିରୋଧରେ ସିଟୁ ପକ୍ଷରୁ ପ୍ରତିବାଦ ସଭା ଅନୁଷ୍ଠିତ ହୋଇଛି। ନେତାମାନେ ସରକାରଙ୍କ ନୀତିକୁ ତୀବ୍ର ସମାଲୋଚନା କରିଥିଲେ।

କେନ୍ଦ୍ର ସରକାରଙ୍କ ଶ୍ରମିକ ଓ କୃଷକ ବିରୋଧୀ ନୀତି ବିରୋଧରେ ସିଟୁ ପକ୍ଷରୁ ପ୍ରତିବାଦ ସଭା ଅନୁଷ୍ଠିତ ହୋଇଛି। ନେତାମାନେ ସରକାରଙ୍କ ନୀତିକୁ ତୀବ୍ର ସମାଲୋଚନା କରିଥିଲେ।

କେନ୍ଦ୍ର ସରକାରଙ୍କ ଶ୍ରମିକ ଓ କୃଷକ ବିରୋଧୀ ନୀତି ବିରୋଧରେ ସିଟୁ ପକ୍ଷରୁ ପ୍ରତିବାଦ ସଭା ଅନୁଷ୍ଠିତ ହୋଇଛି। ନେତାମାନେ ସରକାରଙ୍କ ନୀତିକୁ ତୀବ୍ର ସମାଲୋଚନା କରିଥିଲେ।

ଜିଲ୍ଲାପାଳଙ୍କ କାର୍ଯ୍ୟାଳୟ ସମ୍ମୁଖରେ ବିକ୍ଷୋଭ
■ କେନ୍ଦୁଝର,୧୯ା୫ (ନି.ପ୍ର):

ବିଭିନ୍ନ ଦାବି ନେଇ ଶ୍ରମିକମାନେ ଜିଲ୍ଲାପାଳଙ୍କ କାର୍ଯ୍ୟାଳୟ ସମ୍ମୁଖରେ ବିକ୍ଷୋଭ ପ୍ରଦର୍ଶନ କରିଥିଲେ।

ବିଭିନ୍ନ ଦାବି ନେଇ ଶ୍ରମିକମାନେ ଜିଲ୍ଲାପାଳଙ୍କ କାର୍ଯ୍ୟାଳୟ ସମ୍ମୁଖରେ ବିକ୍ଷୋଭ ପ୍ରଦର୍ଶନ କରିଥିଲେ।

ବିଭିନ୍ନ ଦାବି ନେଇ ଶ୍ରମିକମାନେ ଜିଲ୍ଲାପାଳଙ୍କ କାର୍ଯ୍ୟାଳୟ ସମ୍ମୁଖରେ ବିକ୍ଷୋଭ ପ୍ରଦର୍ଶନ କରିଥିଲେ।

ବିଭିନ୍ନ ଦାବି ନେଇ ଶ୍ରମିକମାନେ ଜିଲ୍ଲାପାଳଙ୍କ କାର୍ଯ୍ୟାଳୟ ସମ୍ମୁଖରେ ବିକ୍ଷୋଭ ପ୍ରଦର୍ଶନ କରିଥିଲେ।
